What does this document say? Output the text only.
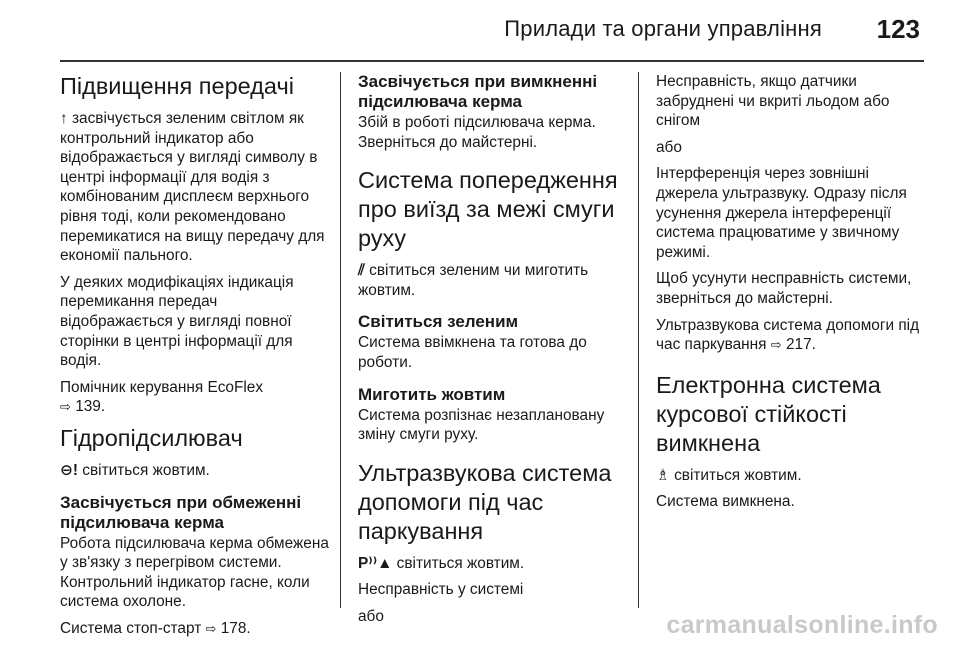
Прилади та органи управління 123
Підвищення передачі

↑ засвічується зеленим світлом як контрольний індикатор або відображається у вигляді символу в центрі інформації для водія з комбінованим дисплеєм верхнього рівня тоді, коли рекомендовано перемикатися на вищу передачу для економії пального.

У деяких модифікаціях індикація перемикання передач відображається у вигляді повної сторінки в центрі інформації для водія.

Помічник керування EcoFlex
⇨ 139.

Гідропідсилювач

⊖! світиться жовтим.

Засвічується при обмеженні підсилювача керма

Робота підсилювача керма обмежена у зв'язку з перегрівом системи. Контрольний індикатор гасне, коли система охолоне.

Система стоп-старт ⇨ 178.

Засвічується при вимкненні підсилювача керма

Збій в роботі підсилювача керма. Зверніться до майстерні.

Система попередження про виїзд за межі смуги руху

⫽ світиться зеленим чи миготить жовтим.

Світиться зеленим

Система ввімкнена та готова до роботи.

Миготить жовтим

Система розпізнає незаплановану зміну смуги руху.

Ультразвукова система допомоги під час паркування

P⁾⁾▲ світиться жовтим.

Несправність у системі

або

Несправність, якщо датчики забруднені чи вкриті льодом або снігом

або

Інтерференція через зовнішні джерела ультразвуку. Одразу після усунення джерела інтерференції система працюватиме у звичному режимі.

Щоб усунути несправність системи, зверніться до майстерні.

Ультразвукова система допомоги під час паркування ⇨ 217.

Електронна система курсової стійкості вимкнена

♗ світиться жовтим.

Система вимкнена.

carmanualsonline.info
